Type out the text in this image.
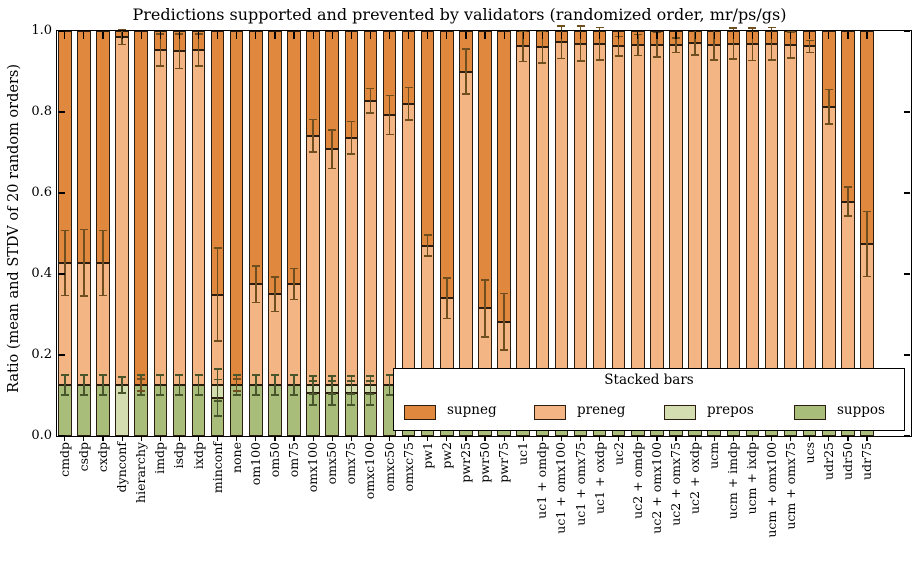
Predictions supported and prevented by validators (randomized order, mr/ps/gs)
Ratio (mean and STDV of 20 random orders)
cmdp csdp cxdp dynconf hierarchy imdp isdp ixdp minconf none om100 om50 om75 omx100 omx50 omx75 omxc100 omxc50 omxc75 pw1 pw2 pwr25 pwr50 pwr75 uc1 uc1 + omdp uc1 + omx100 uc1 + omx75 uc1 + oxdp uc2 uc2 + omdp uc2 + omx100 uc2 + omx75 uc2 + oxdp ucm ucm + imdp ucm + ixdp ucm + omx100 ucm + omx75 ucs udr25 udr50 udr75
0.0
0.2
0.4
0.6
0.8
1.0
Stacked bars
supneg	preneg	prepos	suppos
